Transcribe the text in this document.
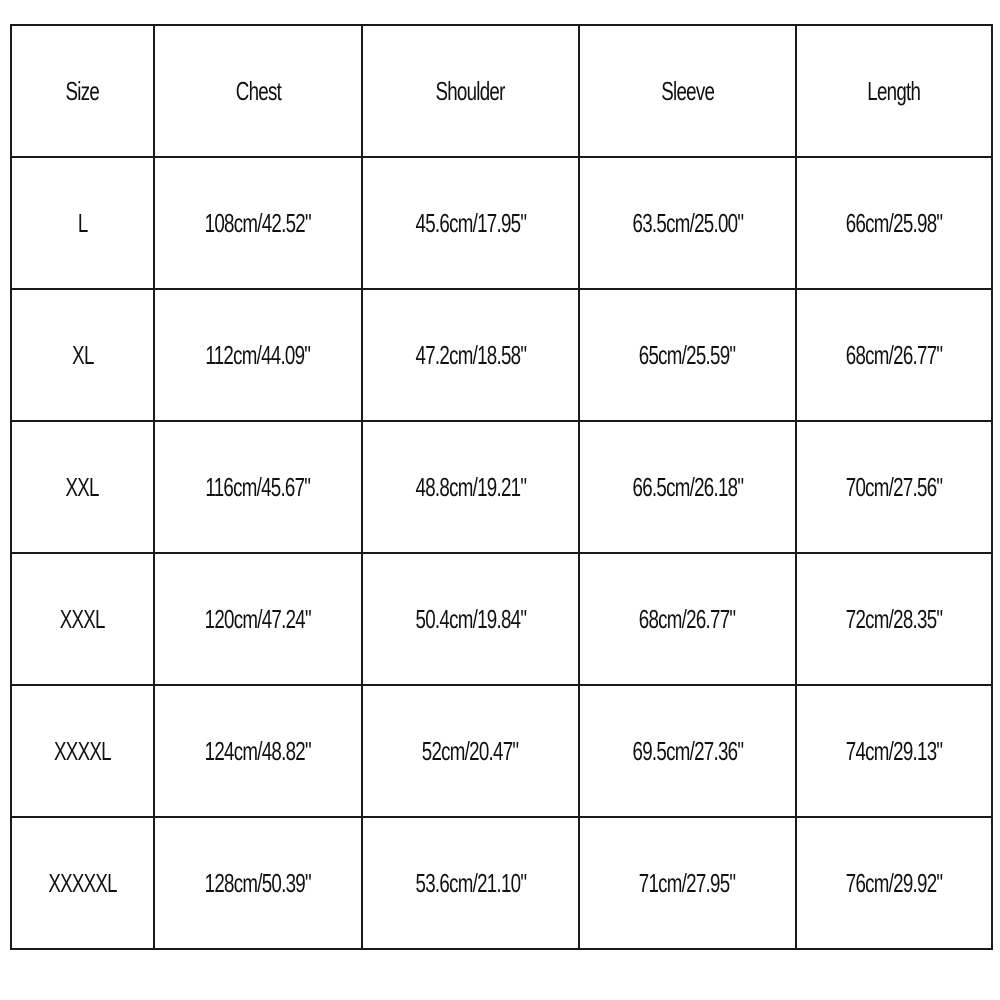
Size	Chest	Shoulder	Sleeve	Length
L	108cm/42.52"	45.6cm/17.95"	63.5cm/25.00"	66cm/25.98"
XL	112cm/44.09"	47.2cm/18.58"	65cm/25.59"	68cm/26.77"
XXL	116cm/45.67"	48.8cm/19.21"	66.5cm/26.18"	70cm/27.56"
XXXL	120cm/47.24"	50.4cm/19.84"	68cm/26.77"	72cm/28.35"
XXXXL	124cm/48.82"	52cm/20.47"	69.5cm/27.36"	74cm/29.13"
XXXXXL	128cm/50.39"	53.6cm/21.10"	71cm/27.95"	76cm/29.92"
